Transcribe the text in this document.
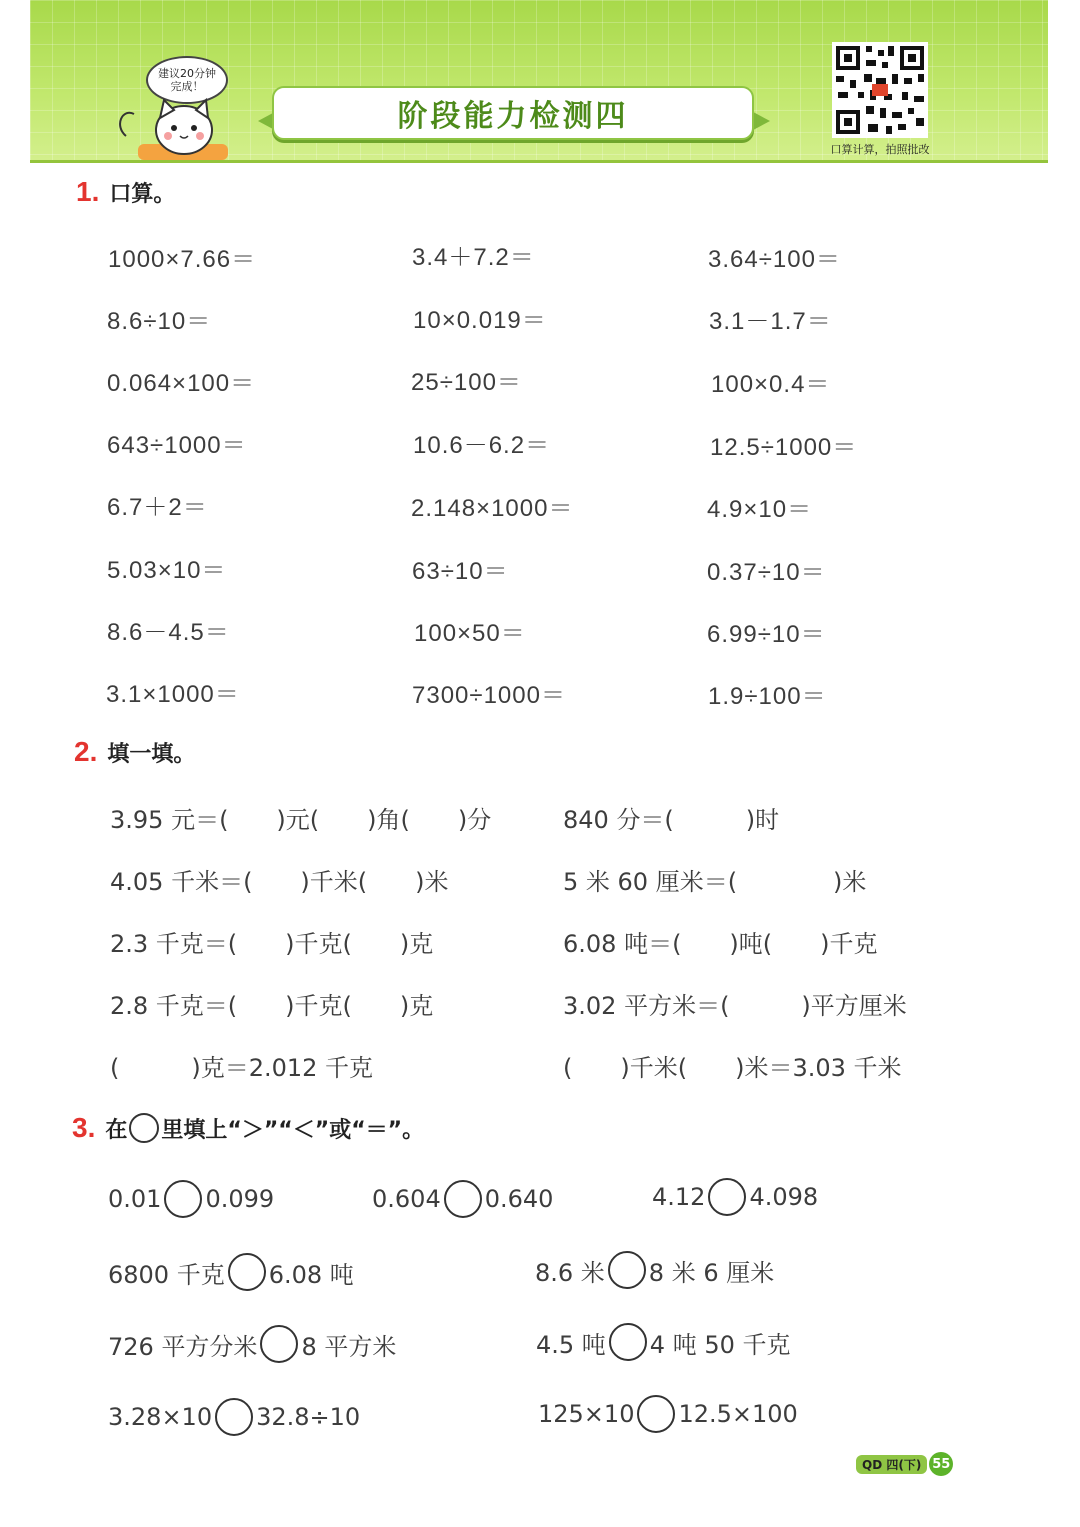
建议20分钟
完成！
阶段能力检测四
口算计算，拍照批改
1. 口算。
1000×7.66＝	3.4＋7.2＝	3.64÷100＝
8.6÷10＝	10×0.019＝	3.1－1.7＝
0.064×100＝	25÷100＝	100×0.4＝
643÷1000＝	10.6－6.2＝	12.5÷1000＝
6.7＋2＝	2.148×1000＝	4.9×10＝
5.03×10＝	63÷10＝	0.37÷10＝
8.6－4.5＝	100×50＝	6.99÷10＝
3.1×1000＝	7300÷1000＝	1.9÷100＝
2. 填一填。
3.95 元＝(　　)元(　　)角(　　)分	840 分＝(　　　)时
4.05 千米＝(　　)千米(　　)米	5 米 60 厘米＝(　　　　)米
2.3 千克＝(　　)千克(　　)克	6.08 吨＝(　　)吨(　　)千克
2.8 千克＝(　　)千克(　　)克	3.02 平方米＝(　　　)平方厘米
(　　　)克＝2.012 千克	(　　)千米(　　)米＝3.03 千米
3. 在 里填上“＞”“＜”或“＝”。
0.01 0.099	0.604 0.640	4.12 4.098
6800 千克 6.08 吨	8.6 米 8 米 6 厘米
726 平方分米 8 平方米	4.5 吨 4 吨 50 千克
3.28×10 32.8÷10	125×10 12.5×100
QD 四(下) 55
